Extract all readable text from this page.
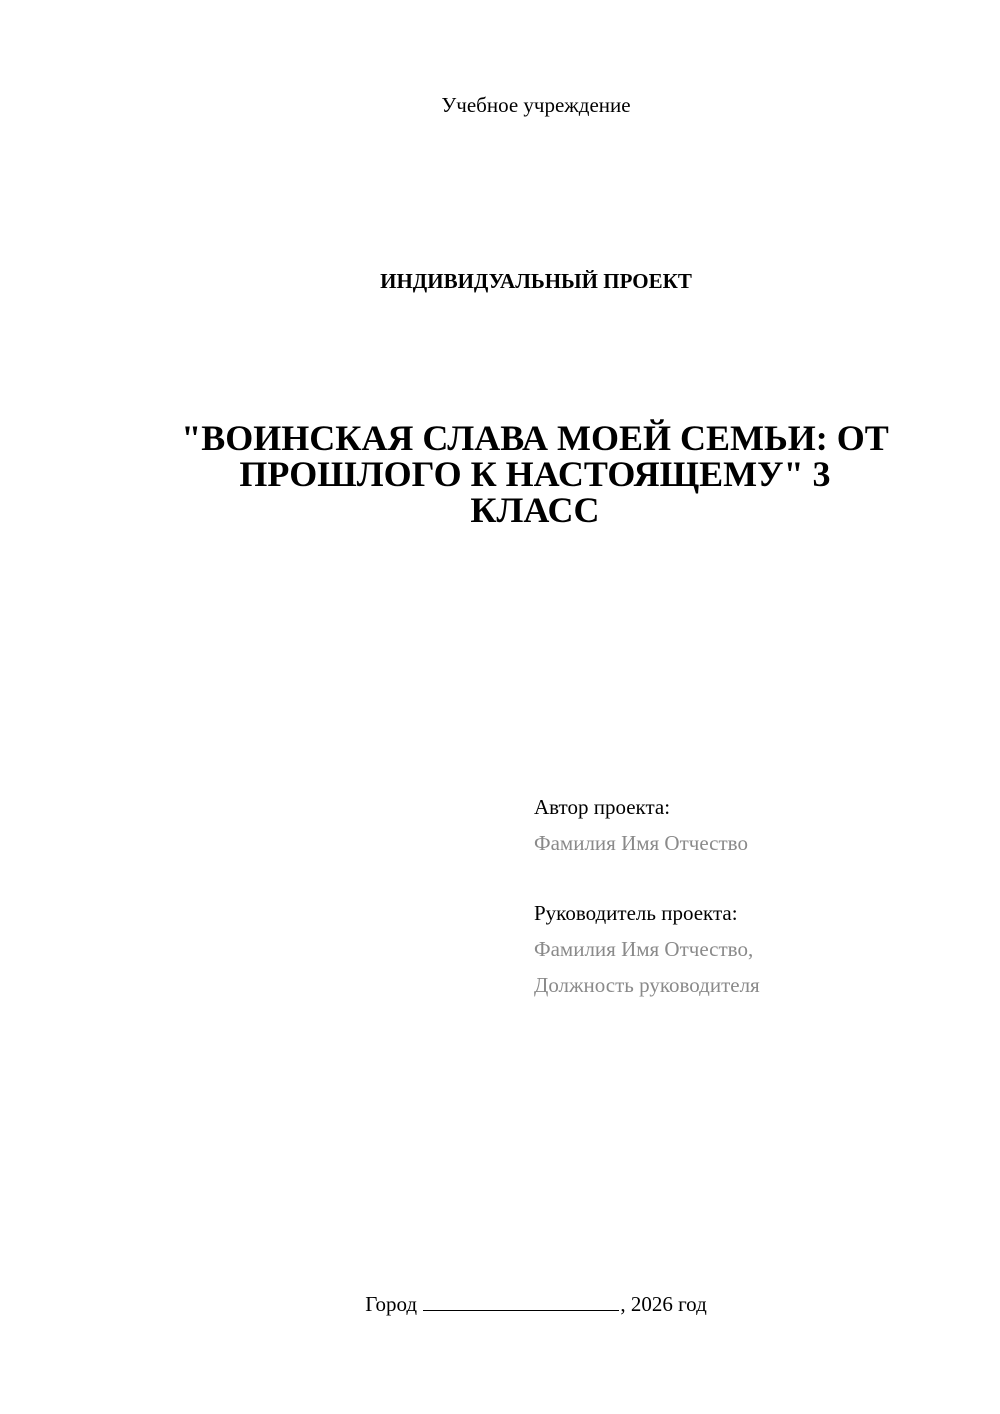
Учебное учреждение
ИНДИВИДУАЛЬНЫЙ ПРОЕКТ
"ВОИНСКАЯ СЛАВА МОЕЙ СЕМЬИ: ОТ
ПРОШЛОГО К НАСТОЯЩЕМУ" 3
КЛАСС
Автор проекта:
Фамилия Имя Отчество
Руководитель проекта:
Фамилия Имя Отчество,
Должность руководителя
Город	, 2026 год
